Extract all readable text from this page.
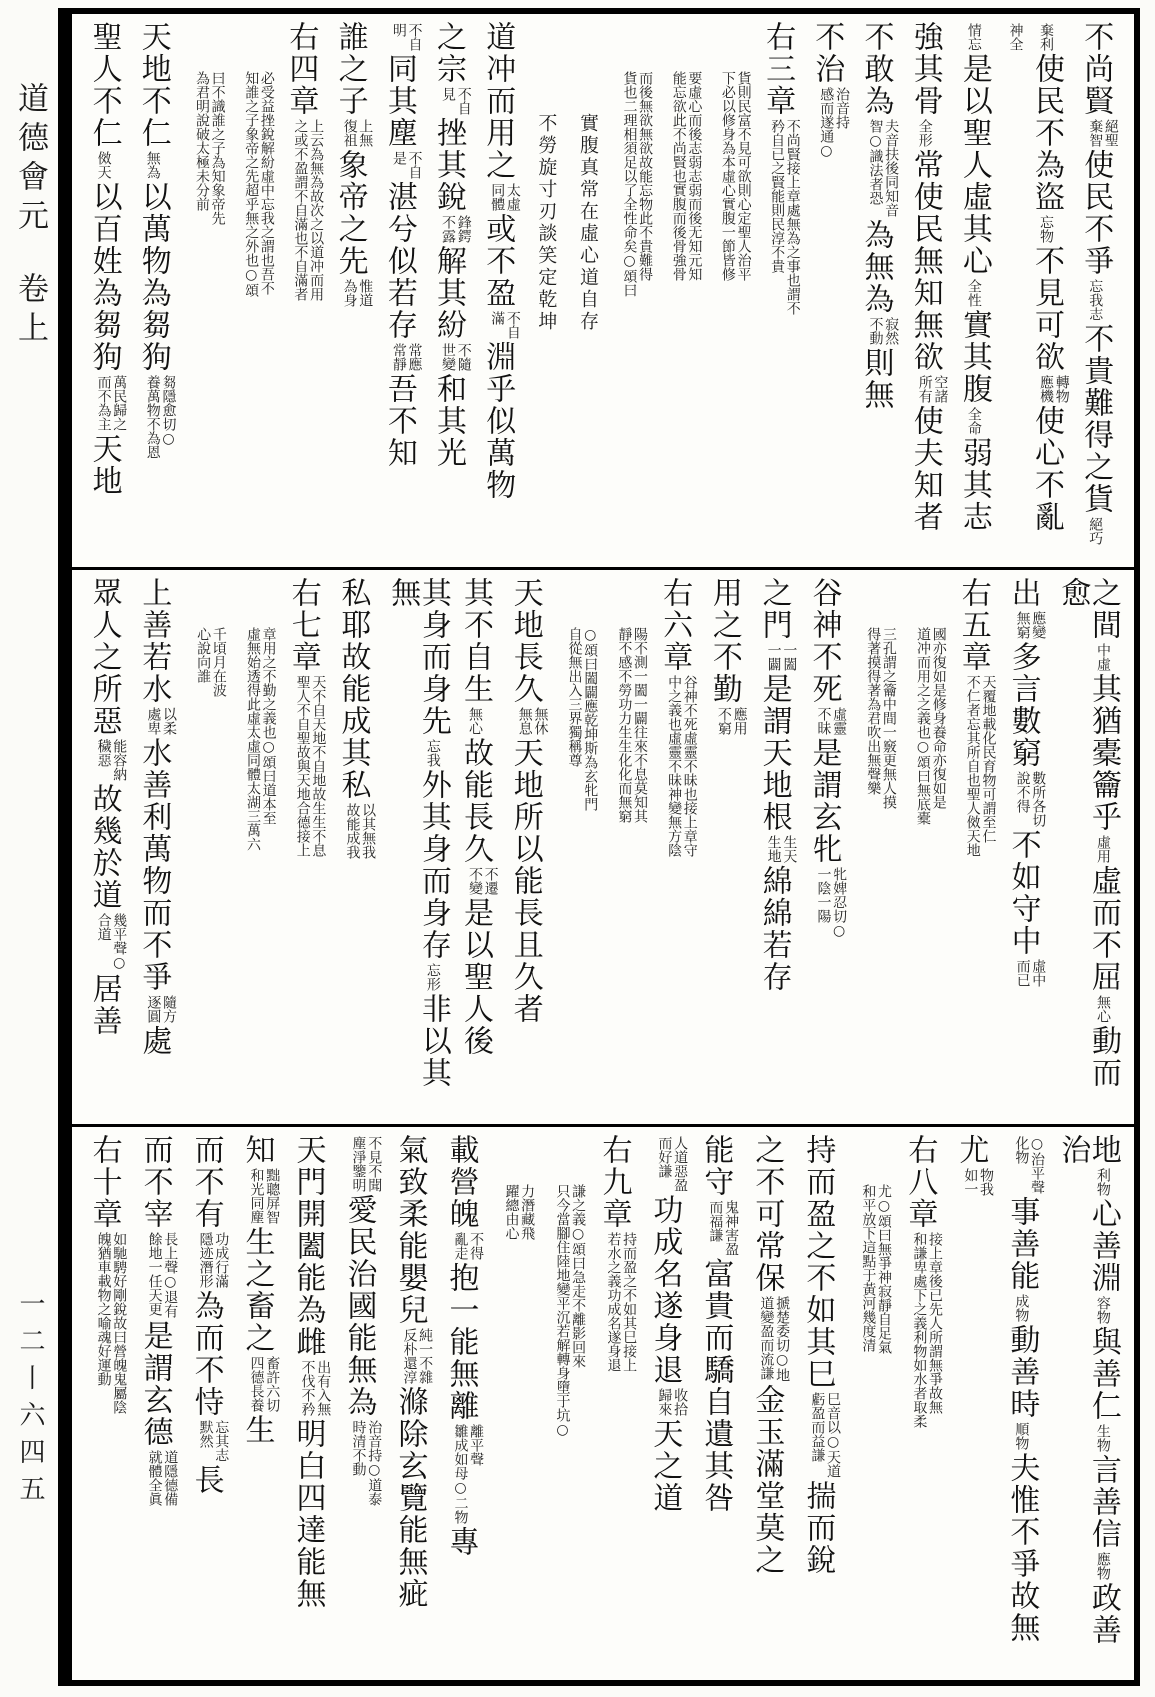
道德會元卷上
一二丨六四五
不尚賢
絕聖
棄智
使民不爭
忘我志
不貴難得之貨
絕巧
棄利
使民不為盜
忘物
不見可欲
轉物
應機
使心不亂
神全
情忘
是以聖人虛其心
全性
實其腹
全命
弱其志
強其骨
全形
常使民無知無欲
空諸
所有
使夫知者
不敢為
夫音扶後同知音
智○識法者恐
為無為
寂然
不動
則無
不治
治音持
感而遂通○
右三章
不尚賢接上章處無為之事也謂不
矜自已之賢能則民淳不貴
貨則民富不見可欲則心定聖人治平
下必以修身為本虛心實腹一節皆修
要虛心而後志弱志弱而後无知元知
能忘欲此不尚賢也實腹而後骨強骨
而後無欲無欲故能忘物此不貴難得
貨也二理相須足以了全性命矣○頌曰
實腹真常在虛心道自存
不勞旋寸刃談笑定乾坤
道冲而用之
太虛
同體
或不盈
不自
滿
淵乎似萬物
之宗
不自
見
挫其銳
鋒鍔
不露
解其紛
不隨
世變
和其光
不自
明
同其塵
不自
是
湛兮似若存
常應
常靜
吾不知
誰之子
上無
復祖
象帝之先
惟道
為身
右四章
上云為無為故次之以道冲而用
之或不盈謂不自滿也不自滿者
必受益挫銳解紛虛中忘我之謂也吾不
知誰之子象帝之先超乎無之外也○頌
曰不識誰之子為知象帝先
為君明說破太極未分前
天地不仁
無為
以萬物為芻狗
芻隱愈切○
養萬物不為恩
聖人不仁
傚天
以百姓為芻狗
萬民歸之
而不為主
天地
之間
中虛
其猶橐籥乎
虛用
虛而不屈
無心
動而愈
出
應變
無窮
多言數窮
數所各切
說不得
不如守中
虛中
而已
右五章
天覆地載化民育物可謂至仁
不仁者忘其所自也聖人傚天地
國亦復如是修身養命亦復如是
道冲而用之之義也○頌曰無底橐
三孔謂之籥中間一竅更無人摸
得著摸得著為君吹出無聲樂
谷神不死
虛靈
不昧
是謂玄牝
牝婢忍切○
一陰一陽
之門
一闔
一闢
是謂天地根
生天
生地
綿綿若存
用之不勤
應用
不窮
右六章
谷神不死虛靈不昧也接上章守
中之義也虛靈不昧神變無方陰
陽不測一闔一闢往來不息莫知其
靜不感不勞功力生生化化而無窮
○頌曰闔闢應乾坤斯為玄牝門
自從無出入三界獨稱尊
天地長久
無休
無息
天地所以能長且久者
其不自生
無心
故能長久
不遷
不變
是以聖人後
其身而身先
忘我
外其身而身存
忘形
非以其無
私耶故能成其私
以其無我
故能成我
右七章
天不自天地不自地故生生不息
聖人不自聖故與天地合德接上
章用之不勤之義也○頌曰道本至
虛無始透得此虛太虛同體太湖三萬六
千頃月在波
心說向誰
上善若水
以柔
處卑
水善利萬物而不爭
隨方
逐圓
處
眾人之所惡
能容納
穢惡
故幾於道
幾平聲○
合道
居善
地
利物
心善淵
容物
與善仁
生物
言善信
應物
政善治
○治平聲
化物
事善能
成物
動善時
順物
夫惟不爭故無
尤
物我
如一
右八章
接上章後已先人所謂無爭故無
和謙卑處下之義利物如水者取柔
尤○頌曰無爭神寂靜自足氣
和平放下這點于黃河幾度清
持而盈之不如其巳
巳音以○天道
虧盈而益謙
揣而銳
之不可常保
搋楚委切○地
道變盈而流謙
金玉滿堂莫之
能守
鬼神害盈
而福謙
富貴而驕自遺其咎
人道惡盈
而好謙
功成名遂身退
收拾
歸來
天之道
右九章
持而盈之不如其巳接上
若水之義功成名遂身退
謙之義○頌曰急走不離影回來
只今當腳住陸地變平沉若解轉身墮于坑○
力潛藏飛
躍總由心
載營魄
不得
亂走
抱一能無離
離平聲
雛成如母○二物
專
氣致柔能嬰兒
純一不雜
反朴還淳
滌除玄覽能無疵
不見不聞
塵淨鑒明
愛民治國能無為
治音持○道泰
時清不動
天門開闔能為雌
出有入無
不伐不矜
明白四達能無
知
黜聰屏智
和光同塵
生之畜之
畜許六切
四德長養
生
而不有
功成行滿
隱迹潛形
為而不恃
忘其志
默然
長
而不宰
長上聲○退有
餘地一任天更
是謂玄德
道隱德備
就體全眞
右十章
如馳騁好剛銳故曰營魄鬼屬陰
魄猶車載物之喻魂好運動
